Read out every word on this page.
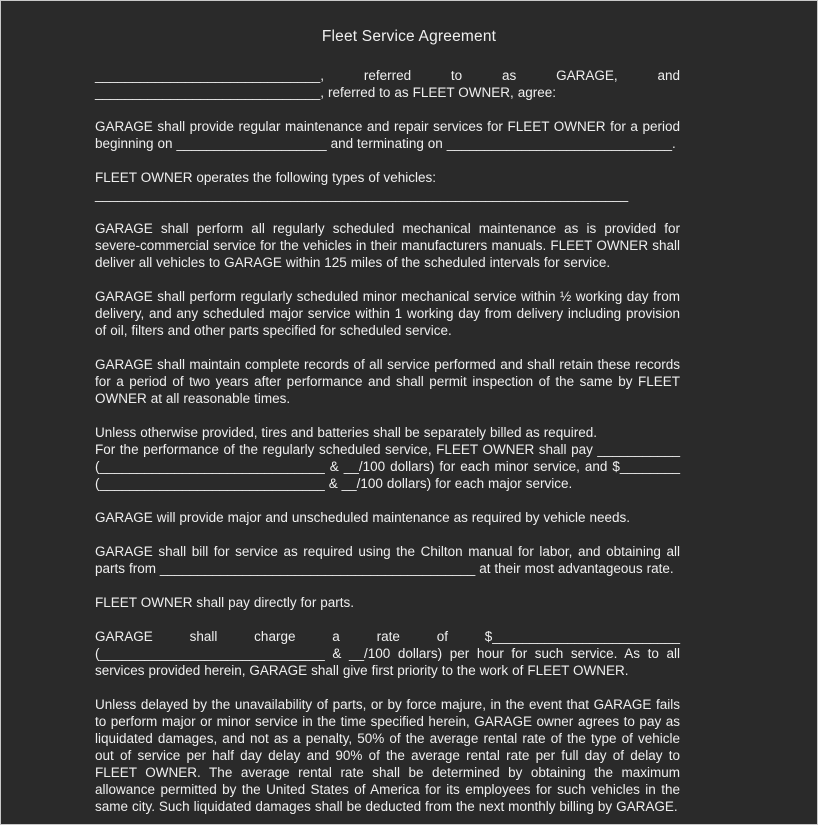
Fleet Service Agreement

______________________________, referred to as GARAGE, and ______________________________, referred to as FLEET OWNER, agree:

GARAGE shall provide regular maintenance and repair services for FLEET OWNER for a period beginning on ____________________ and terminating on ______________________________.

FLEET OWNER operates the following types of vehicles:
_______________________________________________________________________

GARAGE shall perform all regularly scheduled mechanical maintenance as is provided for severe-commercial service for the vehicles in their manufacturers manuals. FLEET OWNER shall deliver all vehicles to GARAGE within 125 miles of the scheduled intervals for service.

GARAGE shall perform regularly scheduled minor mechanical service within ½ working day from delivery, and any scheduled major service within 1 working day from delivery including provision of oil, filters and other parts specified for scheduled service.

GARAGE shall maintain complete records of all service performed and shall retain these records for a period of two years after performance and shall permit inspection of the same by FLEET OWNER at all reasonable times.

Unless otherwise provided, tires and batteries shall be separately billed as required.
For the performance of the regularly scheduled service, FLEET OWNER shall pay ___________ (______________________________ & __/100 dollars) for each minor service, and $________ (______________________________ & __/100 dollars) for each major service.

GARAGE will provide major and unscheduled maintenance as required by vehicle needs.

GARAGE shall bill for service as required using the Chilton manual for labor, and obtaining all parts from __________________________________________ at their most advantageous rate.

FLEET OWNER shall pay directly for parts.

GARAGE shall charge a rate of $_________________________ (______________________________ & __/100 dollars) per hour for such service. As to all services provided herein, GARAGE shall give first priority to the work of FLEET OWNER.

Unless delayed by the unavailability of parts, or by force majure, in the event that GARAGE fails to perform major or minor service in the time specified herein, GARAGE owner agrees to pay as liquidated damages, and not as a penalty, 50% of the average rental rate of the type of vehicle out of service per half day delay and 90% of the average rental rate per full day of delay to FLEET OWNER. The average rental rate shall be determined by obtaining the maximum allowance permitted by the United States of America for its employees for such vehicles in the same city. Such liquidated damages shall be deducted from the next monthly billing by GARAGE.
